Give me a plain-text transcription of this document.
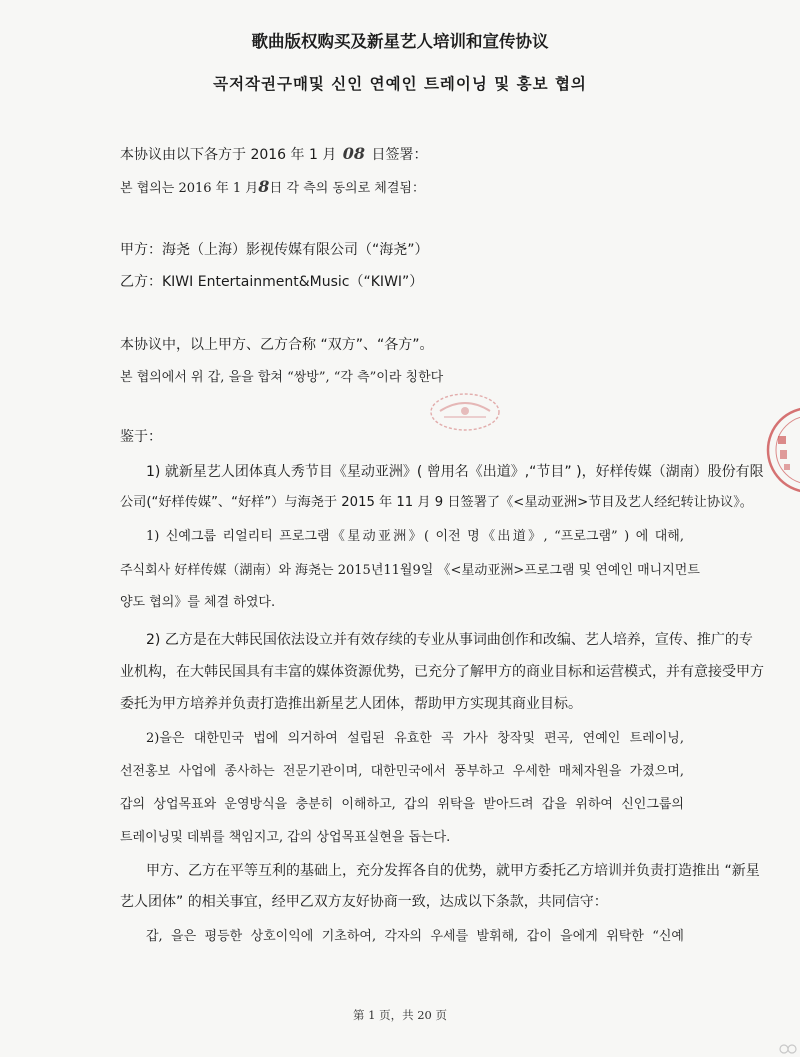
歌曲版权购买及新星艺人培训和宣传协议
곡저작권구매및 신인 연예인 트레이닝 및 홍보 협의
本协议由以下各方于 2016 年 1 月 08 日签署：
본 협의는 2016 年 1 月8日 각 측의 동의로 체결됨：
甲方：海尧（上海）影视传媒有限公司（“海尧”）
乙方：KIWI Entertainment&Music（“KIWI”）
本协议中，以上甲方、乙方合称 “双方”、“各方”。
본 협의에서 위 갑, 을을 합쳐 “쌍방”, “각 측”이라 칭한다
鉴于：
1) 就新星艺人团体真人秀节目《星动亚洲》( 曾用名《出道》,“节目” )，好样传媒（湖南）股份有限
公司(“好样传媒”、“好样”）与海尧于 2015 年 11 月 9 日签署了《<星动亚洲>节目及艺人经纪转让协议》。
1) 신예그룹 리얼리티 프로그램《星动亚洲》( 이전 명《出道》, “프로그램” ) 에 대해,
주식회사 好样传媒（湖南）와 海尧는 2015년11월9일 《<星动亚洲>프로그램 및 연예인 매니지먼트
양도 협의》를 체결 하였다.
2) 乙方是在大韩民国依法设立并有效存续的专业从事词曲创作和改编、艺人培养，宣传、推广的专
业机构，在大韩民国具有丰富的媒体资源优势，已充分了解甲方的商业目标和运营模式，并有意接受甲方
委托为甲方培养并负责打造推出新星艺人团体，帮助甲方实现其商业目标。
2)을은 대한민국 법에 의거하여 설립된 유효한 곡 가사 창작및 편곡, 연예인 트레이닝,
선전홍보 사업에 종사하는 전문기관이며, 대한민국에서 풍부하고 우세한 매체자원을 가졌으며,
갑의 상업목표와 운영방식을 충분히 이해하고, 갑의 위탁을 받아드려 갑을 위하여 신인그룹의
트레이닝및 데뷔를 책임지고, 갑의 상업목표실현을 돕는다.
甲方、乙方在平等互利的基础上，充分发挥各自的优势，就甲方委托乙方培训并负责打造推出 “新星
艺人团体” 的相关事宜，经甲乙双方友好协商一致，达成以下条款，共同信守：
갑, 을은 평등한 상호이익에 기초하여, 각자의 우세를 발휘해, 갑이 을에게 위탁한 “신예
第 1 页，共 20 页
